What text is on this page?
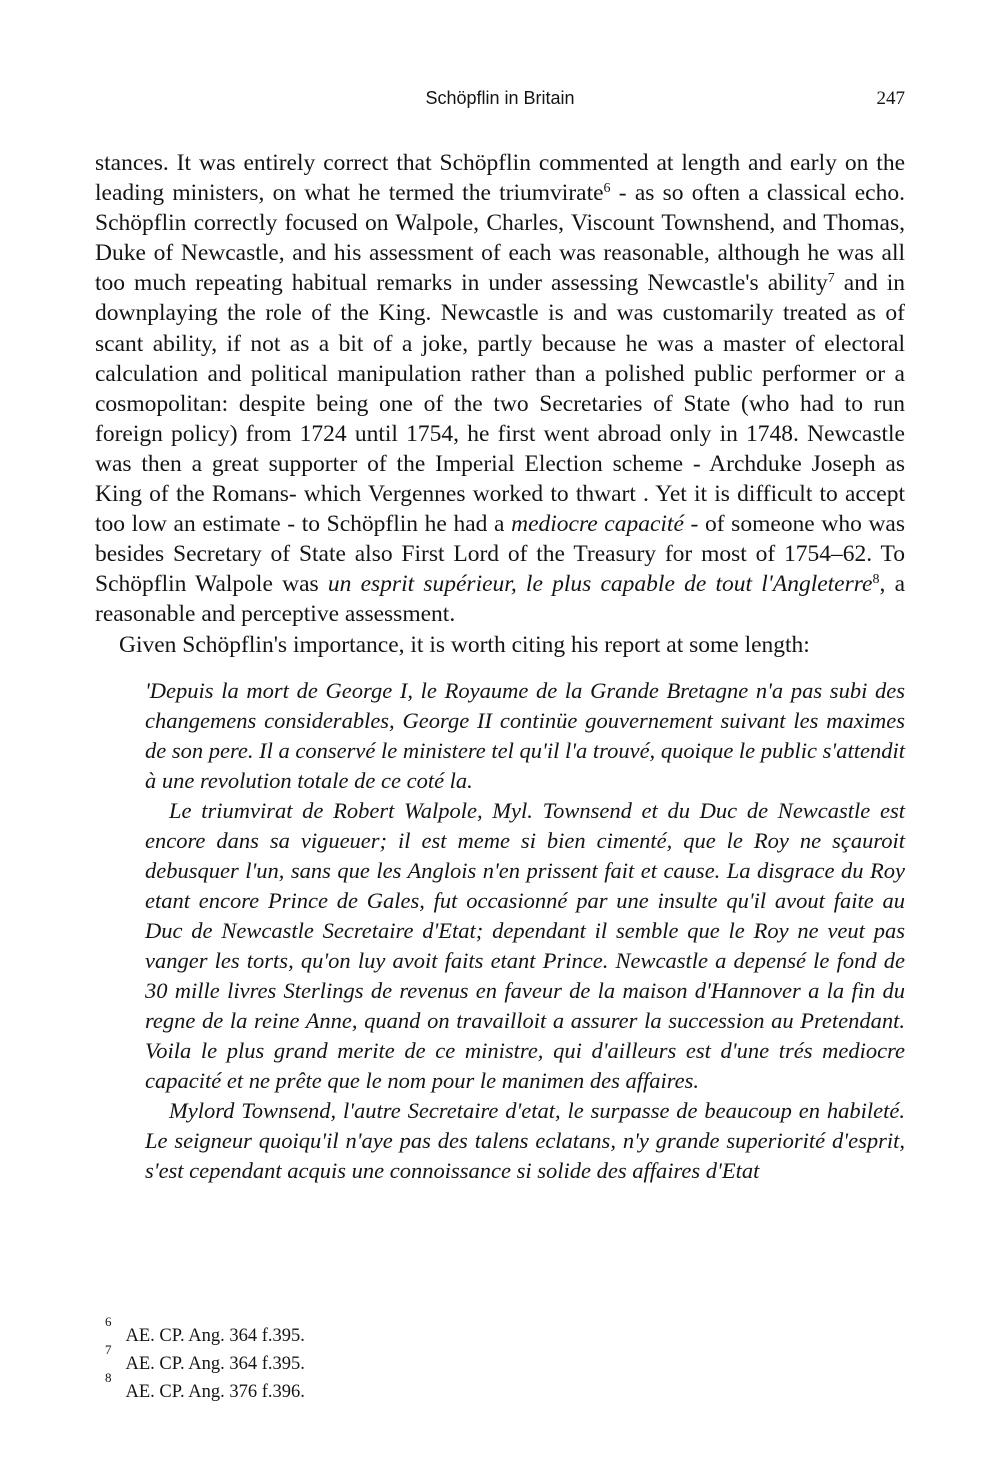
Schöpflin in Britain	247

stances. It was entirely correct that Schöpflin commented at length and early on the leading ministers, on what he termed the triumvirate$^6$ - as so often a classical echo. Schöpflin correctly focused on Walpole, Charles, Viscount Townshend, and Thomas, Duke of Newcastle, and his assessment of each was reasonable, although he was all too much repeating habitual remarks in under assessing Newcastle's ability$^7$ and in downplaying the role of the King. Newcastle is and was customarily treated as of scant ability, if not as a bit of a joke, partly because he was a master of electoral calculation and political manipulation rather than a polished public performer or a cosmopolitan: despite being one of the two Secretaries of State (who had to run foreign policy) from 1724 until 1754, he first went abroad only in 1748. Newcastle was then a great supporter of the Imperial Election scheme - Archduke Joseph as King of the Romans- which Vergennes worked to thwart . Yet it is difficult to accept too low an estimate - to Schöpflin he had a mediocre capacité - of someone who was besides Secretary of State also First Lord of the Treasury for most of 1754–62. To Schöpflin Walpole was un esprit supérieur, le plus capable de tout l'Angleterre$^8$, a reasonable and perceptive assessment.

Given Schöpflin's importance, it is worth citing his report at some length:

'Depuis la mort de George I, le Royaume de la Grande Bretagne n'a pas subi des changemens considerables, George II continüe gouvernement suivant les maximes de son pere. Il a conservé le ministere tel qu'il l'a trouvé, quoique le public s'attendit à une revolution totale de ce coté la.

Le triumvirat de Robert Walpole, Myl. Townsend et du Duc de Newcastle est encore dans sa vigueuer; il est meme si bien cimenté, que le Roy ne sçauroit debusquer l'un, sans que les Anglois n'en prissent fait et cause. La disgrace du Roy etant encore Prince de Gales, fut occasionné par une insulte qu'il avout faite au Duc de Newcastle Secretaire d'Etat; dependant il semble que le Roy ne veut pas vanger les torts, qu'on luy avoit faits etant Prince. Newcastle a depensé le fond de 30 mille livres Sterlings de revenus en faveur de la maison d'Hannover a la fin du regne de la reine Anne, quand on travailloit a assurer la succession au Pretendant. Voila le plus grand merite de ce ministre, qui d'ailleurs est d'une trés mediocre capacité et ne prête que le nom pour le manimen des affaires.

Mylord Townsend, l'autre Secretaire d'etat, le surpasse de beaucoup en habileté. Le seigneur quoiqu'il n'aye pas des talens eclatans, n'y grande superiorité d'esprit, s'est cependant acquis une connoissance si solide des affaires d'Etat

6
AE. CP. Ang. 364 f.395.
7
AE. CP. Ang. 364 f.395.
8
AE. CP. Ang. 376 f.396.
